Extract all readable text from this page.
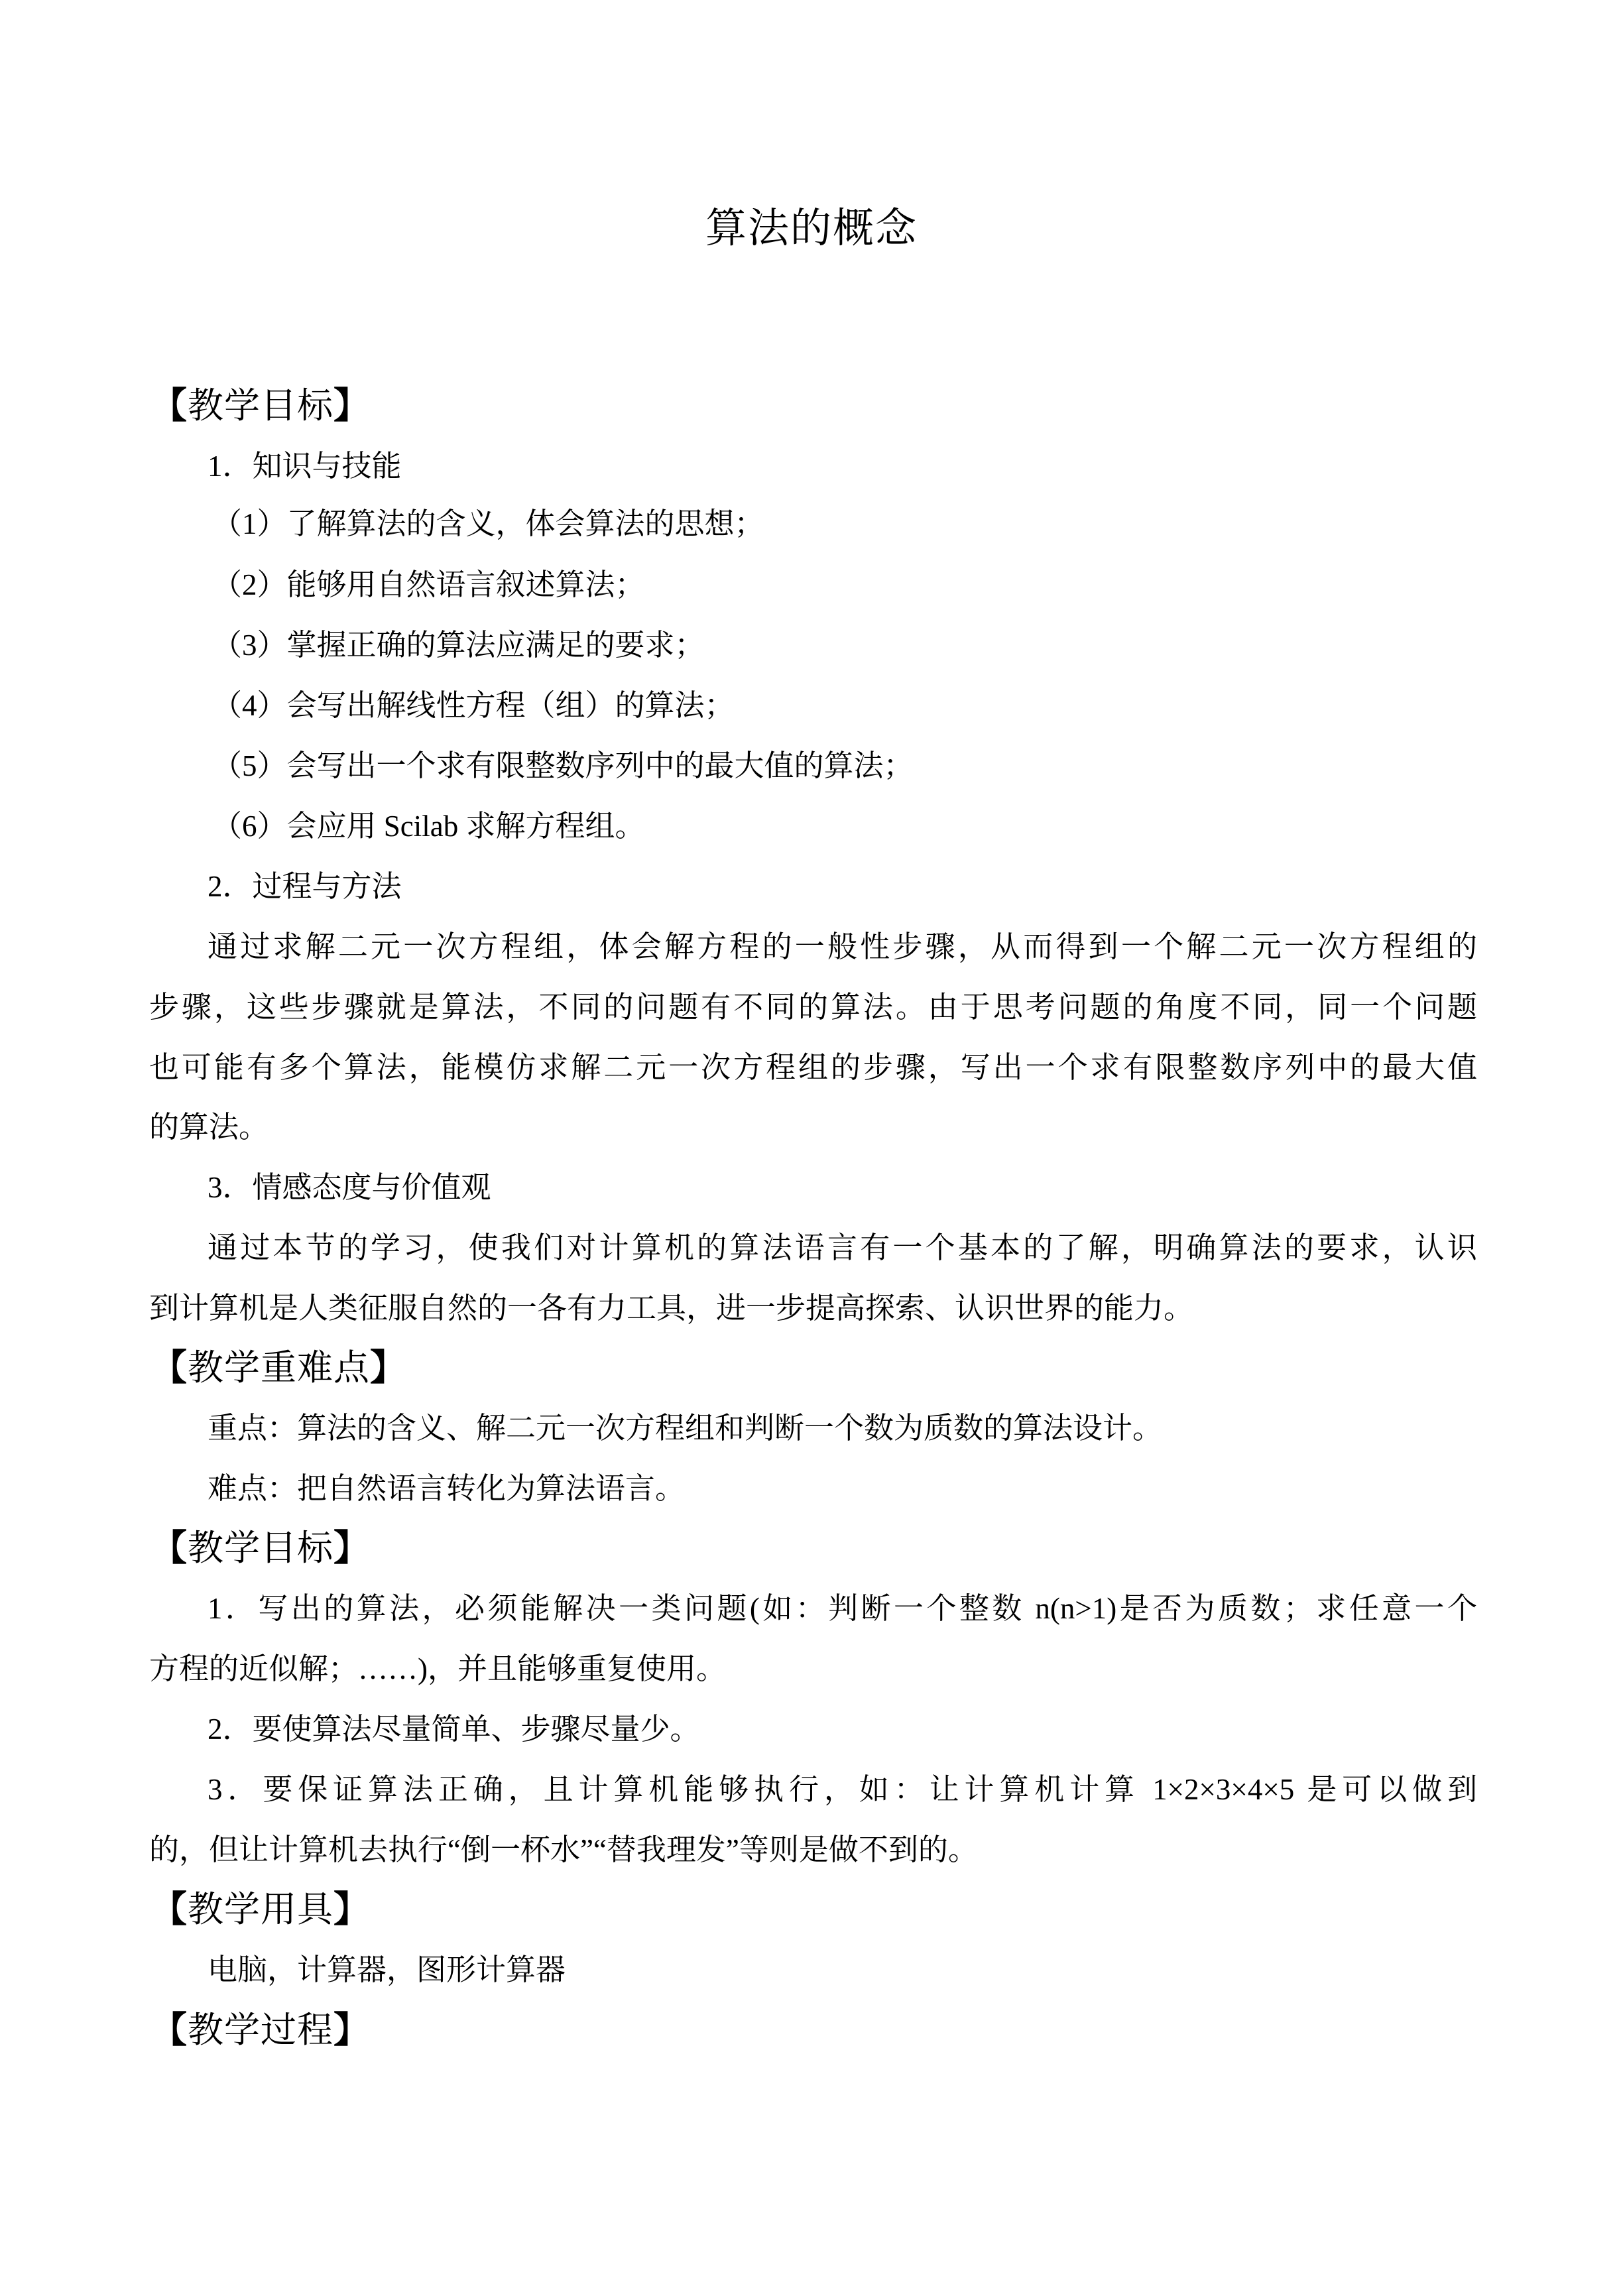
算法的概念
【教学目标】
1．知识与技能
（1）了解算法的含义，体会算法的思想；
（2）能够用自然语言叙述算法；
（3）掌握正确的算法应满足的要求；
（4）会写出解线性方程（组）的算法；
（5）会写出一个求有限整数序列中的最大值的算法；
（6）会应用 Scilab 求解方程组。
2．过程与方法
通过求解二元一次方程组，体会解方程的一般性步骤，从而得到一个解二元一次方程组的
步骤，这些步骤就是算法，不同的问题有不同的算法。由于思考问题的角度不同，同一个问题
也可能有多个算法，能模仿求解二元一次方程组的步骤，写出一个求有限整数序列中的最大值
的算法。
3．情感态度与价值观
通过本节的学习，使我们对计算机的算法语言有一个基本的了解，明确算法的要求，认识
到计算机是人类征服自然的一各有力工具，进一步提高探索、认识世界的能力。
【教学重难点】
重点：算法的含义、解二元一次方程组和判断一个数为质数的算法设计。
难点：把自然语言转化为算法语言。
【教学目标】
1．写出的算法，必须能解决一类问题(如：判断一个整数 n(n>1)是否为质数；求任意一个
方程的近似解；……)，并且能够重复使用。
2．要使算法尽量简单、步骤尽量少。
3．要保证算法正确，且计算机能够执行，如：让计算机计算 1×2×3×4×5 是可以做到
的，但让计算机去执行“倒一杯水”“替我理发”等则是做不到的。
【教学用具】
电脑，计算器，图形计算器
【教学过程】
